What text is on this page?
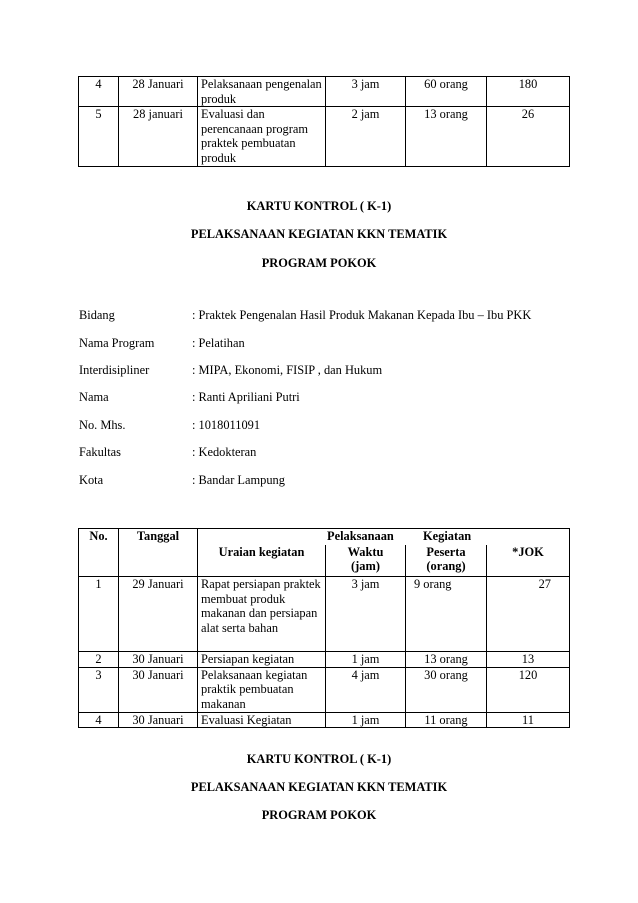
4	28 Januari	Pelaksanaan pengenalan produk	3 jam	60 orang	180
5	28 januari	Evaluasi dan perencanaan program praktek pembuatan produk	2 jam	13 orang	26
KARTU KONTROL ( K-1)
PELAKSANAAN KEGIATAN KKN TEMATIK
PROGRAM POKOK
Bidang	: Praktek Pengenalan Hasil Produk Makanan Kepada Ibu – Ibu PKK
Nama Program	: Pelatihan
Interdisipliner	: MIPA, Ekonomi, FISIP , dan Hukum
Nama	: Ranti Apriliani Putri
No. Mhs.	: 1018011091
Fakultas	: Kedokteran
Kota	: Bandar Lampung
No.	Tanggal	Pelaksanaan Kegiatan			

		Uraian kegiatan	Waktu (jam)	Peserta (orang)	*JOK
1	29 Januari	Rapat persiapan praktek membuat produk makanan dan persiapan alat serta bahan	3 jam	9 orang	27
2	30 Januari	Persiapan kegiatan	1 jam	13 orang	13
3	30 Januari	Pelaksanaan kegiatan praktik pembuatan makanan	4 jam	30 orang	120
4	30 Januari	Evaluasi Kegiatan	1 jam	11 orang	11
KARTU KONTROL ( K-1)
PELAKSANAAN KEGIATAN KKN TEMATIK
PROGRAM POKOK
